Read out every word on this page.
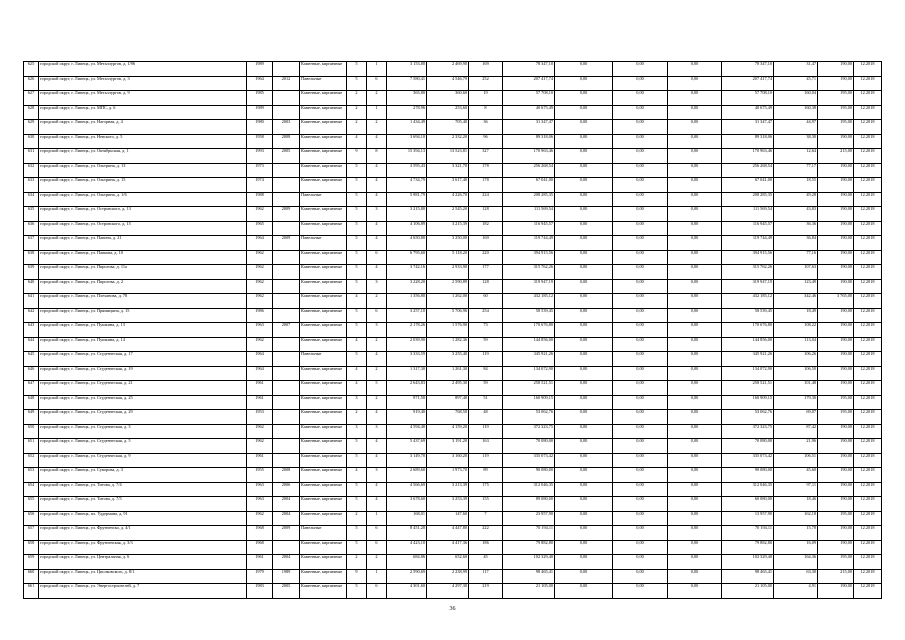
625	городской округ, г. Липецк, ул. Металлургов, д. 1/96	1989		Каменные, кирпичные	5	1	3 153,80	2 469,90	169	78 347,10	0,00	0,00	0,00	78 347,10	31,47	190,00	12.2018
626	городской округ, г. Липецк, ул. Металлургов, д. 3	1964	2012	Панельные	5	6	7 580,41	4 546,79	252	207 417,74	0,00	0,00	0,00	207 417,74	45,71	190,00	12.2018
627	городской округ, г. Липецк, ул. Металлургов, д. 9	1985		Каменные, кирпичные	2	2	365,80	360,60	19	57 708,10	0,00	0,00	0,00	57 708,10	160,04	195,00	12.2018
628	городской округ, г. Липецк, ул. МПС, д. 6	1989		Каменные, кирпичные	2	1	278,96	253,60	8	40 675,49	0,00	0,00	0,00	40 675,49	160,38	195,00	12.2018
629	городской округ, г. Липецк, ул. Нагорная, д. 4	1980	2003	Каменные, кирпичные	2	2	1 434,49	705,40	36	31 347,47	0,00	0,00	0,00	31 347,47	44,97	195,00	12.2018
630	городской округ, г. Липецк, ул. Невского, д. 5	1958	2008	Каменные, кирпичные	4	4	3 694,10	2 332,20	96	89 318,06	0,00	0,00	0,00	89 318,06	38,30	190,00	12.2018
631	городской округ, г. Липецк, ул. Октябрьская, д. 1	1993	2005	Каменные, кирпичные	9	8	15 394,13	13 523,81	327	170 963,46	0,00	0,00	0,00	170 963,46	12,64	215,00	12.2018
632	городской округ, г. Липецк, ул. Ольтрина, д. 13	1973		Каменные, кирпичные	5	4	3 595,43	3 321,70	178	256 268,54	0,00	0,00	0,00	256 268,54	77,17	190,00	12.2018
633	городской округ, г. Липецк, ул. Ольтрина, д. 15	1974		Каменные, кирпичные	5	4	4 734,79	3 617,40	178	67 041,00	0,00	0,00	0,00	67 041,00	18,55	190,00	12.2018
634	городской округ, г. Липецк, ул. Ольтрина, д. 1/6	1988		Панельные	5	4	5 981,79	4 226,70	224	208 285,35	0,00	0,00	0,00	208 285,35	49,28	190,00	12.2018
635	городской округ, г. Липецк, ул. Островского, д. 13	1962	2009	Каменные, кирпичные	5	3	3 215,80	2 545,20	128	111 569,54	0,00	0,00	0,00	111 569,54	43,83	190,00	12.2018
636	городской округ, г. Липецк, ул. Островского, д. 15	1965		Каменные, кирпичные	5	4	4 106,89	3 215,39	182	116 945,57	0,00	0,00	0,00	116 945,57	36,36	190,00	12.2018
637	городской округ, г. Липецк, ул. Папина, д. 21	1964	2009	Панельные	5	4	4 650,80	3 250,00	169	119 744,49	0,00	0,00	0,00	119 744,49	36,84	190,00	12.2018
638	городской округ, г. Липецк, ул. Папкова, д. 10	1962		Каменные, кирпичные	5	6	6 795,60	5 118,20	220	394 915,56	0,00	0,00	0,00	394 915,56	77,16	190,00	12.2018
639	городской округ, г. Липецк, ул. Пирогова, д. 11а	1962		Каменные, кирпичные	5	4	3 742,16	2 933,90	177	315 762,26	0,00	0,00	0,00	315 762,26	107,63	190,00	12.2018
640	городской округ, г. Липецк, ул. Пирогова, д. 2	1962		Каменные, кирпичные	5	3	3 228,20	2 590,89	128	319 947,19	0,00	0,00	0,00	319 947,19	123,49	190,00	12.2018
641	городской округ, г. Липецк, ул. Плеханова, д. 78	1962		Каменные, кирпичные	4	2	1 356,80	1 262,00	60	432 185,12	0,00	0,00	0,00	432 185,12	342,46	3 765,00	12.2018
642	городской округ, г. Липецк, ул. Прямицына, д. 15	1986		Каменные, кирпичные	5	6	3 257,10	5 706,96	254	58 539,45	0,00	0,00	0,00	58 539,45	18,49	190,00	12.2018
643	городской округ, г. Липецк, ул. Пушкина, д. 13	1963	2007	Каменные, кирпичные	5	3	2 178,26	1 576,90	73	170 676,80	0,00	0,00	0,00	170 676,80	108,22	190,00	12.2018
644	городской округ, г. Липецк, ул. Пушкина, д. 14	1962		Каменные, кирпичные	4	2	2 039,90	1 282,36	59	144 856,00	0,00	0,00	0,00	144 856,00	113,04	190,00	12.2018
645	городской округ, г. Липецк, ул. Студенческая, д. 17	1964		Панельные	5	4	3 333,59	3 255,40	119	345 921,26	0,00	0,00	0,00	345 921,26	106,26	190,00	12.2018
646	городской округ, г. Липецк, ул. Студенческая, д. 19	1964		Каменные, кирпичные	4	2	1 317,30	1 261,30	84	134 072,90	0,00	0,00	0,00	134 072,90	106,50	190,00	12.2018
647	городской округ, г. Липецк, ул. Студенческая, д. 21	1961		Каменные, кирпичные	4	5	2 643,83	2 495,30	59	258 521,51	0,00	0,00	0,00	258 521,51	101,48	190,00	12.2018
648	городской округ, г. Липецк, ул. Студенческая, д. 25	1961		Каменные, кирпичные	3	2	971,50	897,40	51	160 909,15	0,00	0,00	0,00	160 909,15	179,30	195,00	12.2018
649	городской округ, г. Липецк, ул. Студенческая, д. 29	1953		Каменные, кирпичные	2	4	919,40	768,50	48	53 062,76	0,00	0,00	0,00	53 062,76	69,07	195,00	12.2018
650	городской округ, г. Липецк, ул. Студенческая, д. 3	1962		Каменные, кирпичные	3	3	4 594,40	4 159,20	119	372 323,75	0,00	0,00	0,00	372 323,75	87,42	190,00	12.2018
651	городской округ, г. Липецк, ул. Студенческая, д. 5	1962		Каменные, кирпичные	5	4	5 437,69	3 191,20	163	70 080,00	0,00	0,00	0,00	70 080,00	21,96	190,00	12.2018
652	городской округ, г. Липецк, ул. Студенческая, д. 9	1961		Каменные, кирпичные	5	4	3 149,70	3 160,20	119	335 073,42	0,00	0,00	0,00	335 073,42	106,51	190,00	12.2018
653	городской округ, г. Липецк, ул. Суворова, д. 3	1955	2008	Каменные, кирпичные	4	3	2 689,60	1 973,70	89	90 080,00	0,00	0,00	0,00	90 080,00	45,60	190,00	12.2018
654	городской округ, г. Липецк, ул. Титова, д. 7/4	1963	2006	Каменные, кирпичные	5	4	4 566,69	3 213,39	175	312 046,35	0,00	0,00	0,00	312 046,35	97,11	190,00	12.2018
655	городской округ, г. Липецк, ул. Титова, д. 7/5	1963	2004	Каменные, кирпичные	5	4	3 678,60	3 253,39	155	89 080,00	0,00	0,00	0,00	60 080,00	18,46	190,00	12.2018
656	городской округ, г. Липецк, пл. Уддермана, д. 91	1962	2004	Каменные, кирпичные	2	1	168,01	147,60	7	23 957,90	0,00	0,00	0,00	13 957,90	162,18	195,00	12.2018
657	городской округ, г. Липецк, ул. Фрунзенско, д. 4/1	1968	2009	Панельные	5	6	8 451,20	4 447,80	222	70 194,11	0,00	0,00	0,00	70 194,11	15,78	190,00	12.2018
658	городской округ, г. Липецк, ул. Фрунзенская, д. 3/3	1968		Каменные, кирпичные	5	6	4 423,10	4 417,36	186	79 882,80	0,00	0,00	0,00	79 882,80	16,09	190,00	12.2018
659	городской округ, г. Липецк, ул. Центральная, д. 6	1961	2004	Каменные, кирпичные	2	2	684,86	652,60	45	102 329,40	0,00	0,00	0,00	102 329,40	164,36	195,00	12.2018
660	городской округ, г. Липецк, ул. Циолковского, д. 8/1	1979	1989	Каменные, кирпичные	9	1	2 590,69	2 238,99	117	98 465,41	0,00	0,00	0,00	98 465,41	63,30	215,00	12.2018
661	городской округ, г. Липецк, ул. Энергостроителей, д. 7	1983	2005	Каменные, кирпичные	5	6	4 301,60	4 297,30	219	21 105,00	0,00	0,00	0,00	21 105,00	4,91	190,00	12.2018
36
